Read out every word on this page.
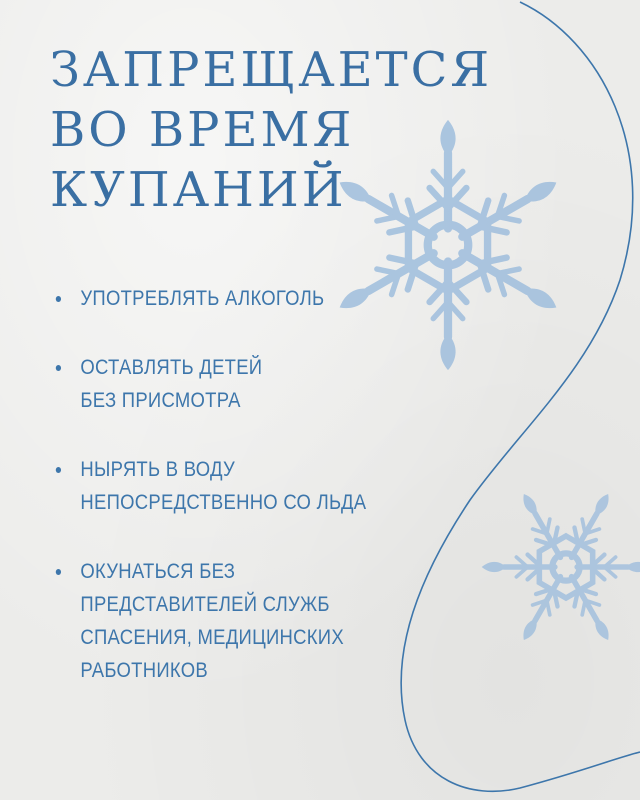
ЗАПРЕЩАЕТСЯ
ВО ВРЕМЯ
КУПАНИЙ
УПОТРЕБЛЯТЬ АЛКОГОЛЬ
ОСТАВЛЯТЬ ДЕТЕЙ
БЕЗ ПРИСМОТРА
НЫРЯТЬ В ВОДУ
НЕПОСРЕДСТВЕННО СО ЛЬДА
ОКУНАТЬСЯ БЕЗ
ПРЕДСТАВИТЕЛЕЙ СЛУЖБ
СПАСЕНИЯ, МЕДИЦИНСКИХ
РАБОТНИКОВ
